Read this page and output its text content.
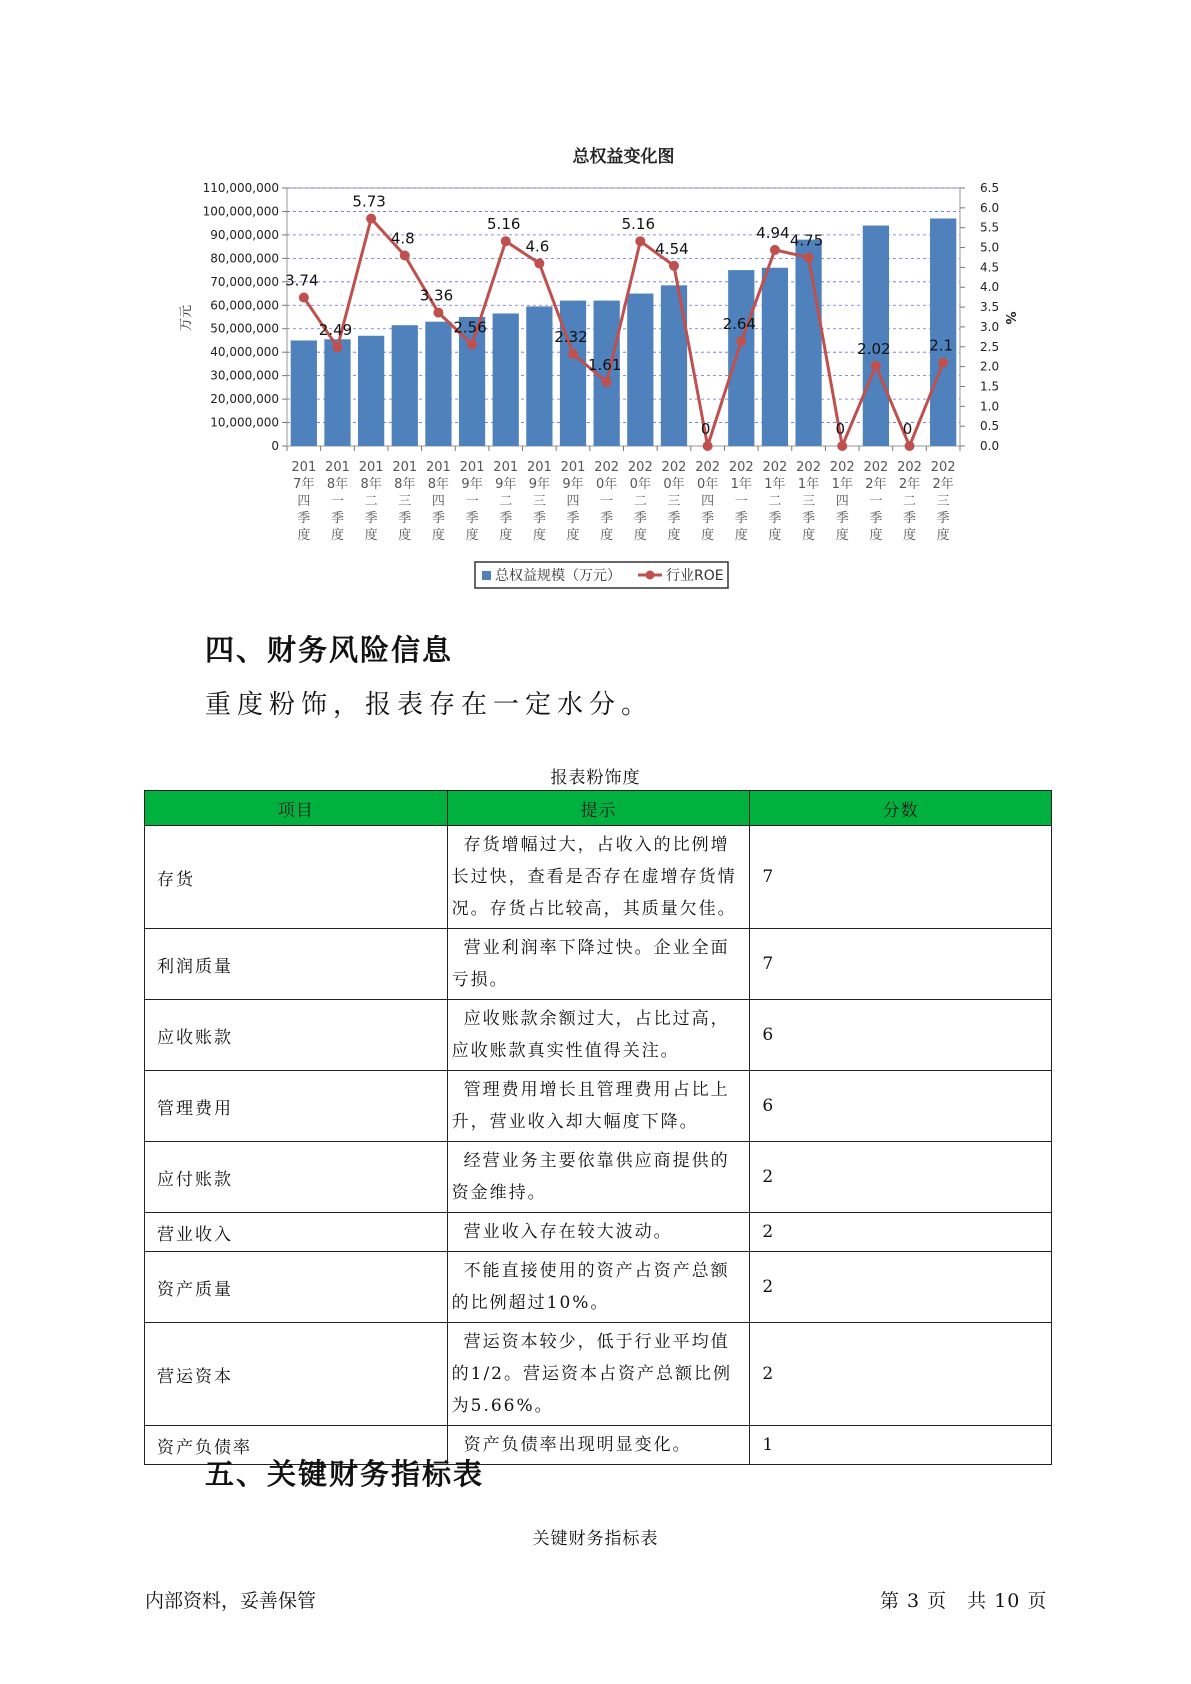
总权益变化图
110,000,000
100,000,000
90,000,000
80,000,000
70,000,000
60,000,000
50,000,000
40,000,000
30,000,000
20,000,000
10,000,000
0
6.5
6.0
5.5
5.0
4.5
4.0
3.5
3.0
2.5
2.0
1.5
1.0
0.5
0.0
万元	%
3.74
2.49
5.73
4.8
3.36
2.56
5.16
4.6
2.32
1.61
5.16
4.54
0
2.64
4.94 4.75
0
2.02
0
2.1
201
7年
四
季
度
201
8年
一
季
度
201
8年
二
季
度
201
8年
三
季
度
201
8年
四
季
度
201
9年
一
季
度
201
9年
二
季
度
201
9年
三
季
度
201
9年
四
季
度
202
0年
一
季
度
202
0年
二
季
度
202
0年
三
季
度
202
0年
四
季
度
202
1年
一
季
度
202
1年
二
季
度
202
1年
三
季
度
202
1年
四
季
度
202
2年
一
季
度
202
2年
二
季
度
202
2年
三
季
度
总权益规模（万元）	行业ROE
四、财务风险信息
重度粉饰，报表存在一定水分。
报表粉饰度
项目	提示	分数
存货	存货增幅过大，占收入的比例增长过快，查看是否存在虚增存货情况。存货占比较高，其质量欠佳。	7
利润质量	营业利润率下降过快。企业全面亏损。	7
应收账款	应收账款余额过大，占比过高，应收账款真实性值得关注。	6
管理费用	管理费用增长且管理费用占比上升，营业收入却大幅度下降。	6
应付账款	经营业务主要依靠供应商提供的资金维持。	2
营业收入	营业收入存在较大波动。	2
资产质量	不能直接使用的资产占资产总额的比例超过10%。	2
营运资本	营运资本较少，低于行业平均值的1/2。营运资本占资产总额比例为5.66%。	2
资产负债率	资产负债率出现明显变化。	1
五、关键财务指标表
关键财务指标表
内部资料，妥善保管	第 3 页　共 10 页
